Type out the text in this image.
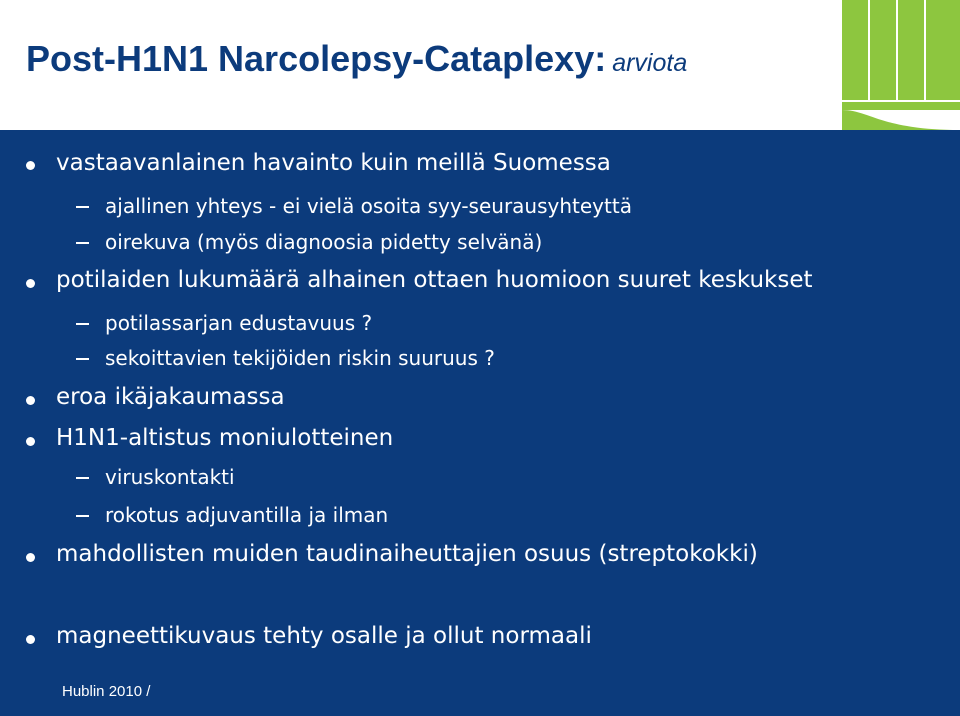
Post-H1N1 Narcolepsy-Cataplexy: arviota
vastaavanlainen havainto kuin meillä Suomessa
ajallinen yhteys - ei vielä osoita syy-seurausyhteyttä
oirekuva (myös diagnoosia pidetty selvänä)
potilaiden lukumäärä alhainen ottaen huomioon suuret keskukset
potilassarjan edustavuus ?
sekoittavien tekijöiden riskin suuruus ?
eroa ikäjakaumassa
H1N1-altistus moniulotteinen
viruskontakti
rokotus adjuvantilla ja ilman
mahdollisten muiden taudinaiheuttajien osuus (streptokokki)
magneettikuvaus tehty osalle ja ollut normaali
Hublin 2010 /
